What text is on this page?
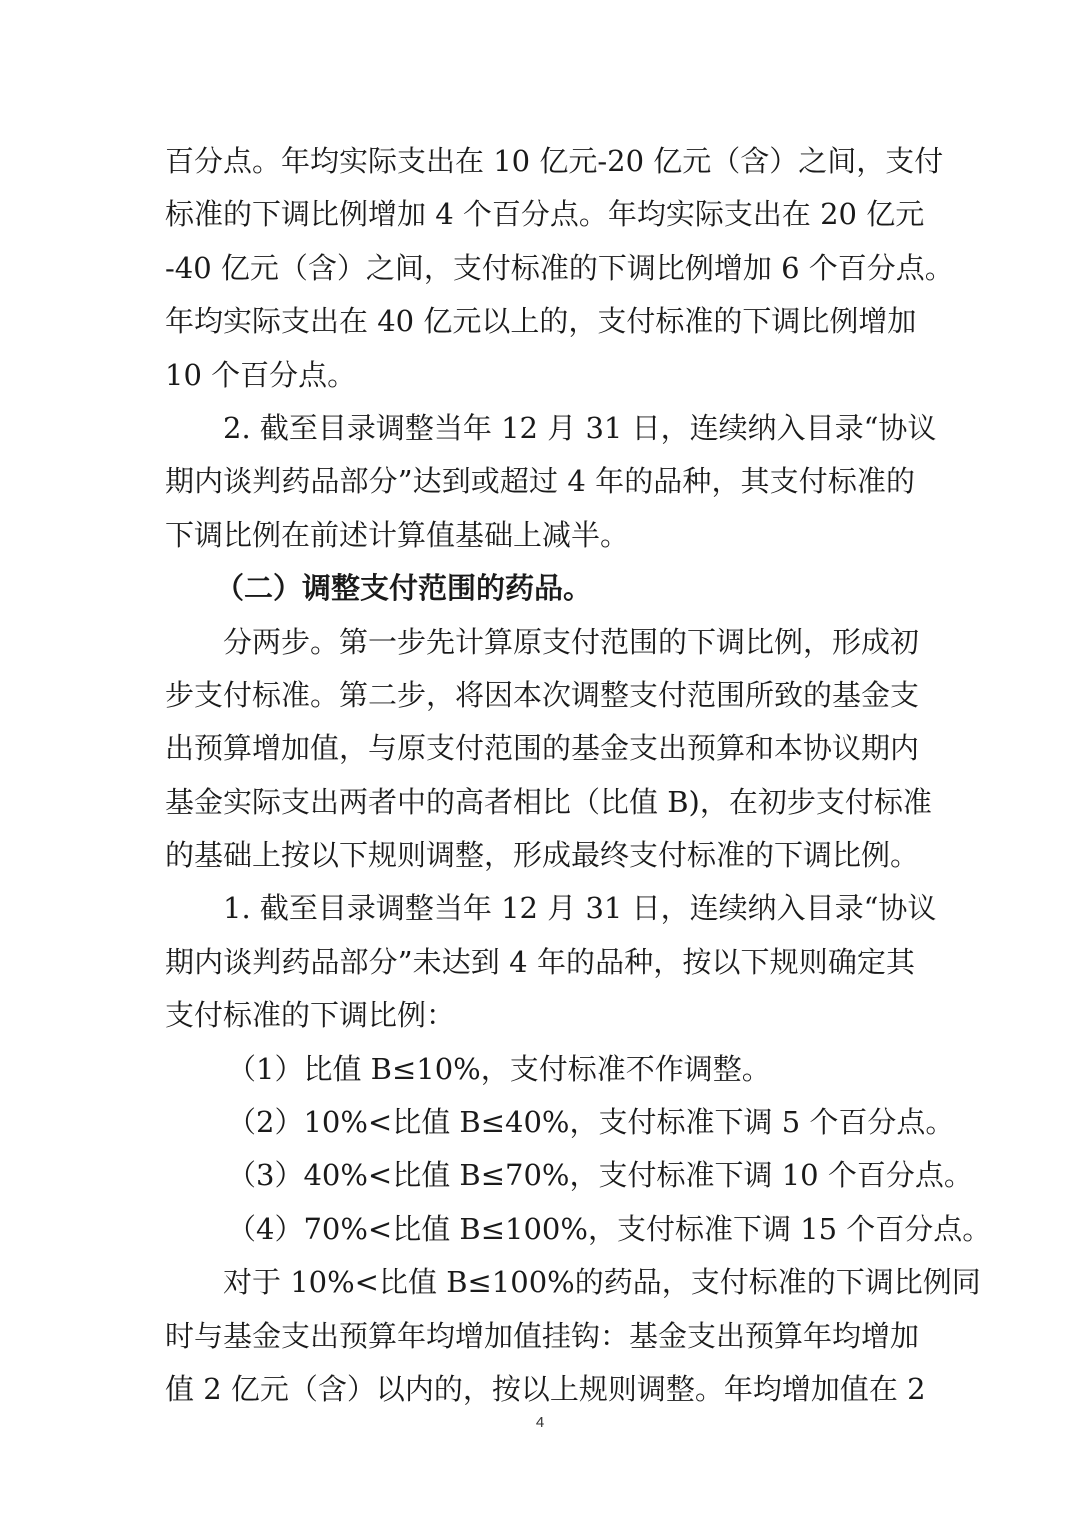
百分点。年均实际支出在 10 亿元-20 亿元（含）之间，支付
标准的下调比例增加 4 个百分点。年均实际支出在 20 亿元
-40 亿元（含）之间，支付标准的下调比例增加 6 个百分点。
年均实际支出在 40 亿元以上的，支付标准的下调比例增加
10 个百分点。
2. 截至目录调整当年 12 月 31 日，连续纳入目录“协议
期内谈判药品部分”达到或超过 4 年的品种，其支付标准的
下调比例在前述计算值基础上减半。
（二）调整支付范围的药品。
分两步。第一步先计算原支付范围的下调比例，形成初
步支付标准。第二步，将因本次调整支付范围所致的基金支
出预算增加值，与原支付范围的基金支出预算和本协议期内
基金实际支出两者中的高者相比（比值 B)，在初步支付标准
的基础上按以下规则调整，形成最终支付标准的下调比例。
1. 截至目录调整当年 12 月 31 日，连续纳入目录“协议
期内谈判药品部分”未达到 4 年的品种，按以下规则确定其
支付标准的下调比例：
（1）比值 B≤10%，支付标准不作调整。
（2）10%<比值 B≤40%，支付标准下调 5 个百分点。
（3）40%<比值 B≤70%，支付标准下调 10 个百分点。
（4）70%<比值 B≤100%，支付标准下调 15 个百分点。
对于 10%<比值 B≤100%的药品，支付标准的下调比例同
时与基金支出预算年均增加值挂钩：基金支出预算年均增加
值 2 亿元（含）以内的，按以上规则调整。年均增加值在 2
4
